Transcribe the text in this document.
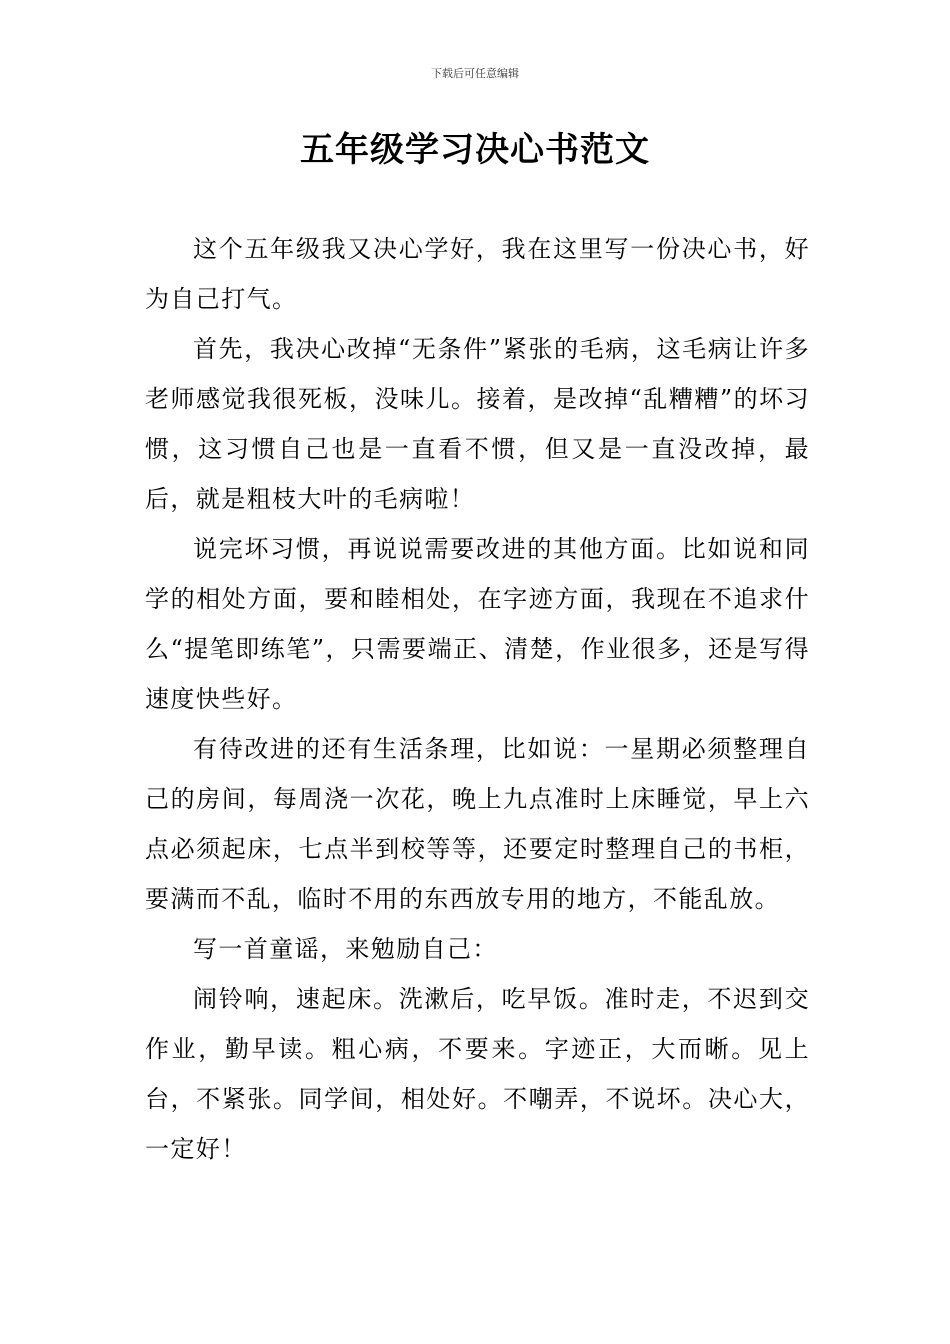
下载后可任意编辑
五年级学习决心书范文

这个五年级我又决心学好，我在这里写一份决心书，好为自己打气。

首先，我决心改掉“无条件”紧张的毛病，这毛病让许多老师感觉我很死板，没味儿。接着，是改掉“乱糟糟”的坏习惯，这习惯自己也是一直看不惯，但又是一直没改掉，最后，就是粗枝大叶的毛病啦！

说完坏习惯，再说说需要改进的其他方面。比如说和同学的相处方面，要和睦相处，在字迹方面，我现在不追求什么“提笔即练笔”，只需要端正、清楚，作业很多，还是写得速度快些好。

有待改进的还有生活条理，比如说：一星期必须整理自己的房间，每周浇一次花，晚上九点准时上床睡觉，早上六点必须起床，七点半到校等等，还要定时整理自己的书柜，要满而不乱，临时不用的东西放专用的地方，不能乱放。

写一首童谣，来勉励自己：

闹铃响，速起床。洗漱后，吃早饭。准时走，不迟到交作业，勤早读。粗心病，不要来。字迹正，大而晰。见上台，不紧张。同学间，相处好。不嘲弄，不说坏。决心大，一定好！
